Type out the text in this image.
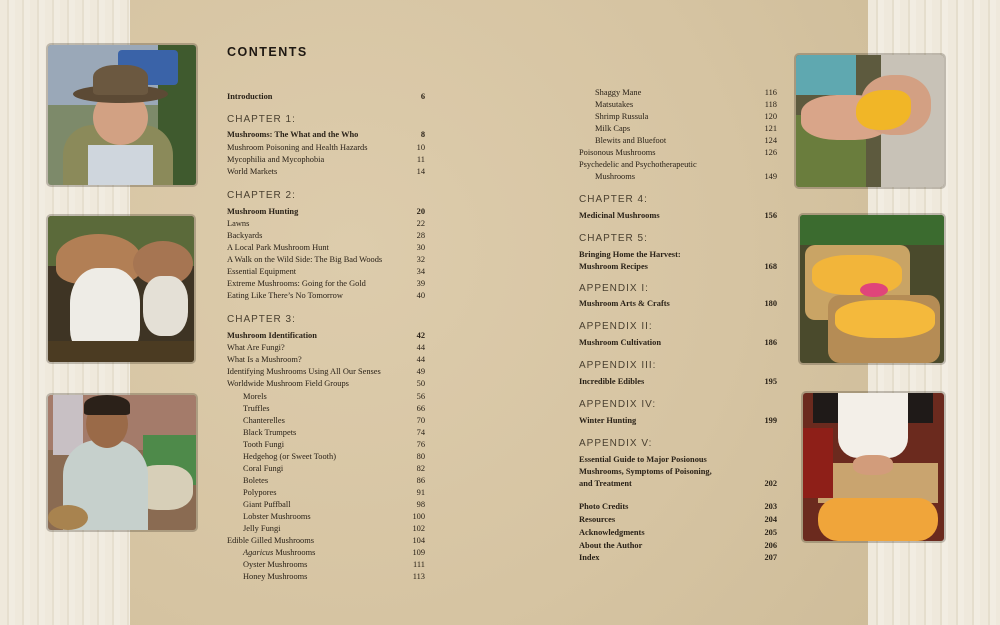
CONTENTS
Introduction	6
CHAPTER 1:
Mushrooms: The What and the Who	8
Mushroom Poisoning and Health Hazards	10
Mycophilia and Mycophobia	11
World Markets	14
CHAPTER 2:
Mushroom Hunting	20
Lawns	22
Backyards	28
A Local Park Mushroom Hunt	30
A Walk on the Wild Side: The Big Bad Woods	32
Essential Equipment	34
Extreme Mushrooms: Going for the Gold	39
Eating Like There’s No Tomorrow	40
CHAPTER 3:
Mushroom Identification	42
What Are Fungi?	44
What Is a Mushroom?	44
Identifying Mushrooms Using All Our Senses	49
Worldwide Mushroom Field Groups	50
Morels	56
Truffles	66
Chanterelles	70
Black Trumpets	74
Tooth Fungi	76
Hedgehog (or Sweet Tooth)	80
Coral Fungi	82
Boletes	86
Polypores	91
Giant Puffball	98
Lobster Mushrooms	100
Jelly Fungi	102
Edible Gilled Mushrooms	104
Agaricus Mushrooms	109
Oyster Mushrooms	111
Honey Mushrooms	113
Shaggy Mane	116
Matsutakes	118
Shrimp Russula	120
Milk Caps	121
Blewits and Bluefoot	124
Poisonous Mushrooms	126
Psychedelic and Psychotherapeutic
Mushrooms	149
CHAPTER 4:
Medicinal Mushrooms	156
CHAPTER 5:
Bringing Home the Harvest:
Mushroom Recipes	168
APPENDIX I:
Mushroom Arts & Crafts	180
APPENDIX II:
Mushroom Cultivation	186
APPENDIX III:
Incredible Edibles	195
APPENDIX IV:
Winter Hunting	199
APPENDIX V:
Essential Guide to Major Posionous
Mushrooms, Symptoms of Poisoning,
and Treatment	202
Photo Credits	203
Resources	204
Acknowledgments	205
About the Author	206
Index	207
